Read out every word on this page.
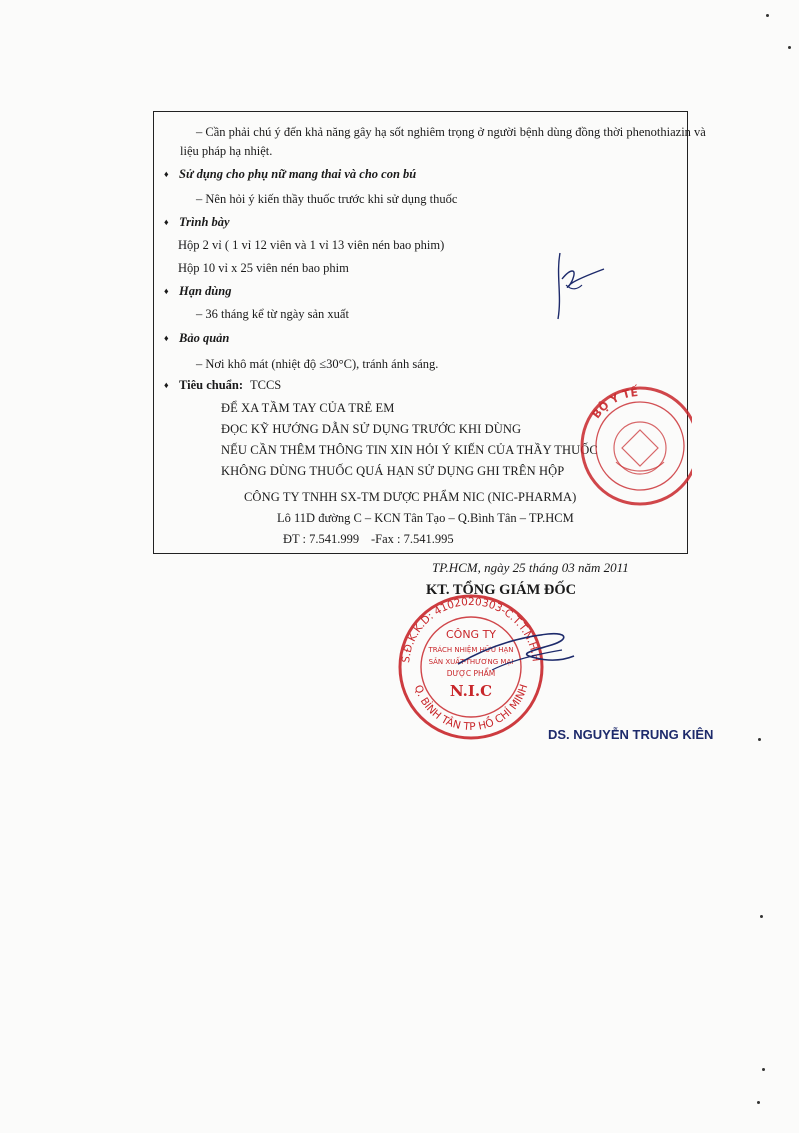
– Cần phải chú ý đến khả năng gây hạ sốt nghiêm trọng ở người bệnh dùng đồng thời phenothiazin và
liệu pháp hạ nhiệt.
♦ Sử dụng cho phụ nữ mang thai và cho con bú
– Nên hỏi ý kiến thầy thuốc trước khi sử dụng thuốc
♦ Trình bày
Hộp 2 vỉ ( 1 vỉ 12 viên và 1 vỉ 13 viên nén bao phim)
Hộp 10 vỉ x 25 viên nén bao phim
♦ Hạn dùng
– 36 tháng kể từ ngày sản xuất
♦ Bảo quản
– Nơi khô mát (nhiệt độ ≤30°C), tránh ánh sáng.
♦ Tiêu chuẩn: TCCS
ĐỂ XA TẦM TAY CỦA TRẺ EM
ĐỌC KỸ HƯỚNG DẪN SỬ DỤNG TRƯỚC KHI DÙNG
NẾU CẦN THÊM THÔNG TIN XIN HỎI Ý KIẾN CỦA THẦY THUỐC
KHÔNG DÙNG THUỐC QUÁ HẠN SỬ DỤNG GHI TRÊN HỘP
CÔNG TY TNHH SX-TM DƯỢC PHẨM NIC (NIC-PHARMA)
Lô 11D đường C – KCN Tân Tạo – Q.Bình Tân – TP.HCM
ĐT : 7.541.999 -Fax : 7.541.995
BỘ Y TẾ
TP.HCM, ngày 25 tháng 03 năm 2011
KT. TỔNG GIÁM ĐỐC
S.Đ.K.K.D: 4102020303-C.T.T.N.H.H
Q. BÌNH TÂN TP HỒ CHÍ MINH
CÔNG TY
TRÁCH NHIỆM HỮU HẠN
SẢN XUẤT-THƯƠNG MẠI
DƯỢC PHẨM
N.I.C
DS. NGUYỄN TRUNG KIÊN
